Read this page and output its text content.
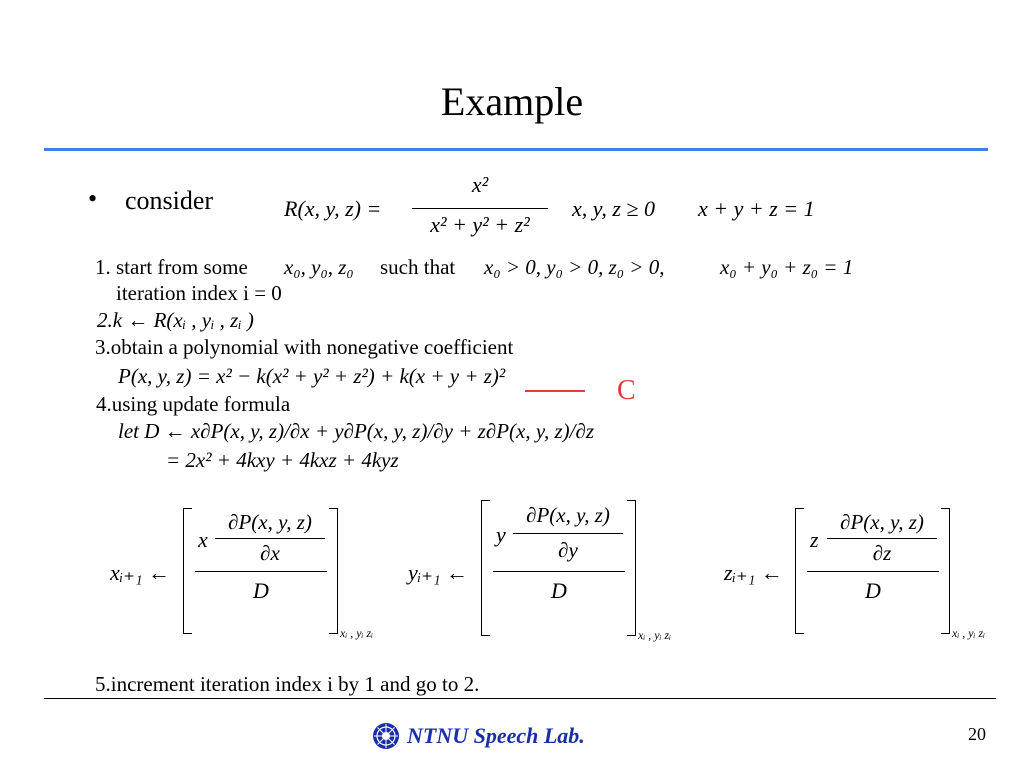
Example
• consider	R(x, y, z) =
x²
x² + y² + z²
x, y, z ≥ 0 x + y + z = 1
1. start from some x₀, y₀, z₀ such that x₀ > 0, y₀ > 0, z₀ > 0,	x₀ + y₀ + z₀ = 1
iteration index i = 0
2.k ← R(xᵢ , yᵢ , zᵢ )
3.obtain a polynomial with nonegative coefficient
P(x, y, z) = x² − k(x² + y² + z²) + k(x + y + z)²	C
4.using update formula
let D ← x∂P(x, y, z)/∂x + y∂P(x, y, z)/∂y + z∂P(x, y, z)/∂z
= 2x² + 4kxy + 4kxz + 4kyz
xᵢ₊₁ ←
x
∂P(x, y, z)
∂x
D
xᵢ , yᵢ zᵢ
yᵢ₊₁ ←
y
∂P(x, y, z)
∂y
D
xᵢ , yᵢ zᵢ
zᵢ₊₁ ←
z
∂P(x, y, z)
∂z
D
xᵢ , yᵢ zᵢ
5.increment iteration index i by 1 and go to 2.
NTNU Speech Lab.	20
